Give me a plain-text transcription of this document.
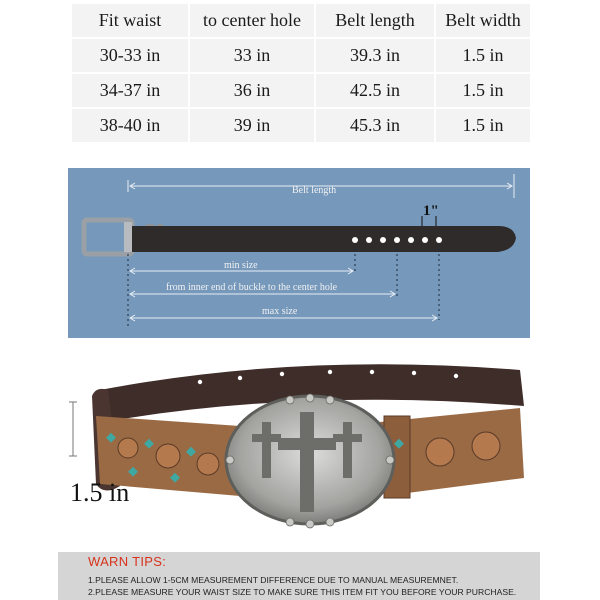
Fit waist	to center hole	Belt length	Belt width
30-33 in	33 in	39.3 in	1.5 in
34-37 in	36 in	42.5 in	1.5 in
38-40 in	39 in	45.3 in	1.5 in
Belt length
1"
min size
from inner end of buckle to the center hole
max size
1.5 in
WARN TIPS:
1.PLEASE ALLOW 1-5CM MEASUREMENT DIFFERENCE DUE TO MANUAL MEASUREMNET.
2.PLEASE MEASURE YOUR WAIST SIZE TO MAKE SURE THIS ITEM FIT YOU BEFORE YOUR PURCHASE.
